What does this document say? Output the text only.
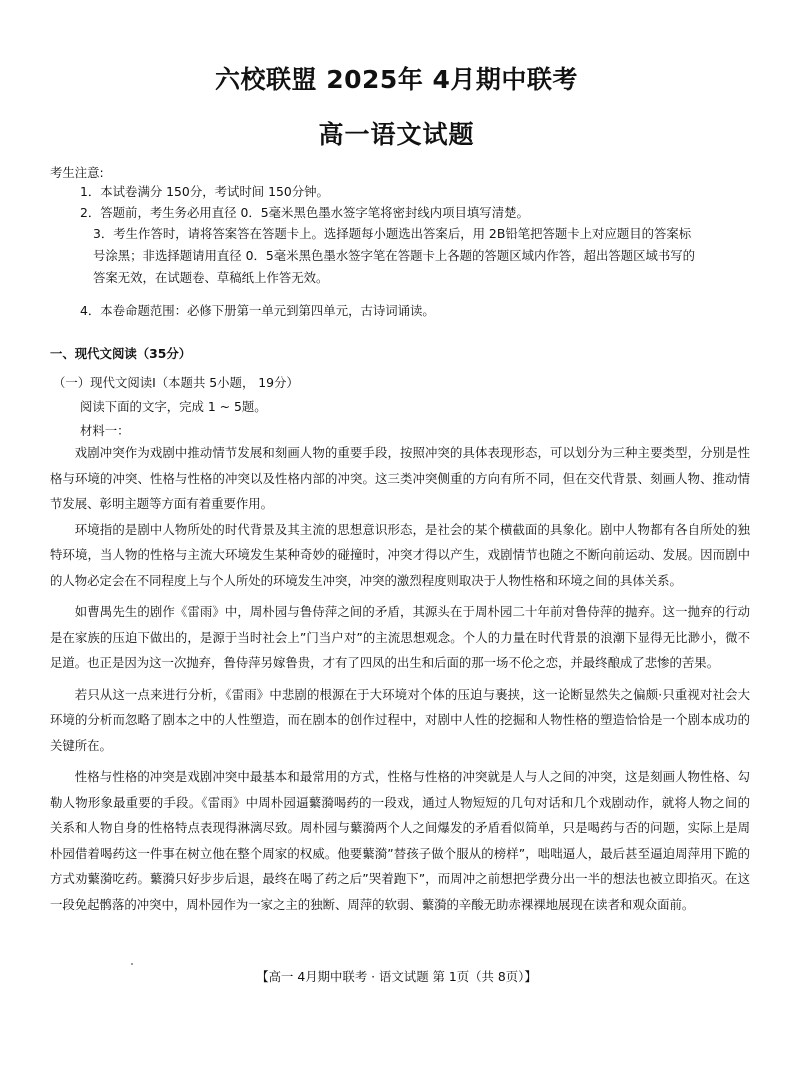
六校联盟 2025年 4月期中联考
高一语文试题
考生注意:
1．本试卷满分 150分，考试时间 150分钟。
2．答题前，考生务必用直径 0．5毫米黑色墨水签字笔将密封线内项目填写清楚。
3．考生作答时，请将答案答在答题卡上。选择题每小题选出答案后，用 2B铅笔把答题卡上对应题目的答案标
号涂黑；非选择题请用直径 0．5毫米黑色墨水签字笔在答题卡上各题的答题区域内作答，超出答题区域书写的
答案无效，在试题卷、草稿纸上作答无效。
4．本卷命题范围：必修下册第一单元到第四单元，古诗词诵读。
一、现代文阅读（35分）
（一）现代文阅读Ⅰ（本题共 5小题， 19分）
阅读下面的文字，完成 1 ~ 5题。
材料一：

戏剧冲突作为戏剧中推动情节发展和刻画人物的重要手段，按照冲突的具体表现形态，可以划分为三种主要类型，分别是性格与环境的冲突、性格与性格的冲突以及性格内部的冲突。这三类冲突侧重的方向有所不同，但在交代背景、刻画人物、推动情节发展、彰明主题等方面有着重要作用。

环境指的是剧中人物所处的时代背景及其主流的思想意识形态，是社会的某个横截面的具象化。剧中人物都有各自所处的独特环境，当人物的性格与主流大环境发生某种奇妙的碰撞时，冲突才得以产生，戏剧情节也随之不断向前运动、发展。因而剧中的人物必定会在不同程度上与个人所处的环境发生冲突，冲突的激烈程度则取决于人物性格和环境之间的具体关系。

如曹禺先生的剧作《雷雨》中，周朴园与鲁侍萍之间的矛盾，其源头在于周朴园二十年前对鲁侍萍的抛弃。这一抛弃的行动是在家族的压迫下做出的，是源于当时社会上”门当户对”的主流思想观念。个人的力量在时代背景的浪潮下显得无比渺小，微不足道。也正是因为这一次抛弃，鲁侍萍另嫁鲁贵，才有了四凤的出生和后面的那一场不伦之恋，并最终酿成了悲惨的苦果。

若只从这一点来进行分析，《雷雨》中悲剧的根源在于大环境对个体的压迫与裹挟，这一论断显然失之偏颇·只重视对社会大环境的分析而忽略了剧本之中的人性塑造，而在剧本的创作过程中，对剧中人性的挖掘和人物性格的塑造恰恰是一个剧本成功的关键所在。

性格与性格的冲突是戏剧冲突中最基本和最常用的方式，性格与性格的冲突就是人与人之间的冲突，这是刻画人物性格、勾勒人物形象最重要的手段。《雷雨》中周朴园逼蘩漪喝药的一段戏，通过人物短短的几句对话和几个戏剧动作，就将人物之间的关系和人物自身的性格特点表现得淋漓尽致。周朴园与蘩漪两个人之间爆发的矛盾看似简单，只是喝药与否的问题，实际上是周朴园借着喝药这一件事在树立他在整个周家的权威。他要蘩漪”替孩子做个服从的榜样”，咄咄逼人，最后甚至逼迫周萍用下跪的方式劝蘩漪吃药。蘩漪只好步步后退，最终在喝了药之后”哭着跑下”，而周冲之前想把学费分出一半的想法也被立即掐灭。在这一段免起鹘落的冲突中，周朴园作为一家之主的独断、周萍的软弱、蘩漪的辛酸无助赤裸裸地展现在读者和观众面前。

【高一 4月期中联考 · 语文试题 第 1页（共 8页）】
